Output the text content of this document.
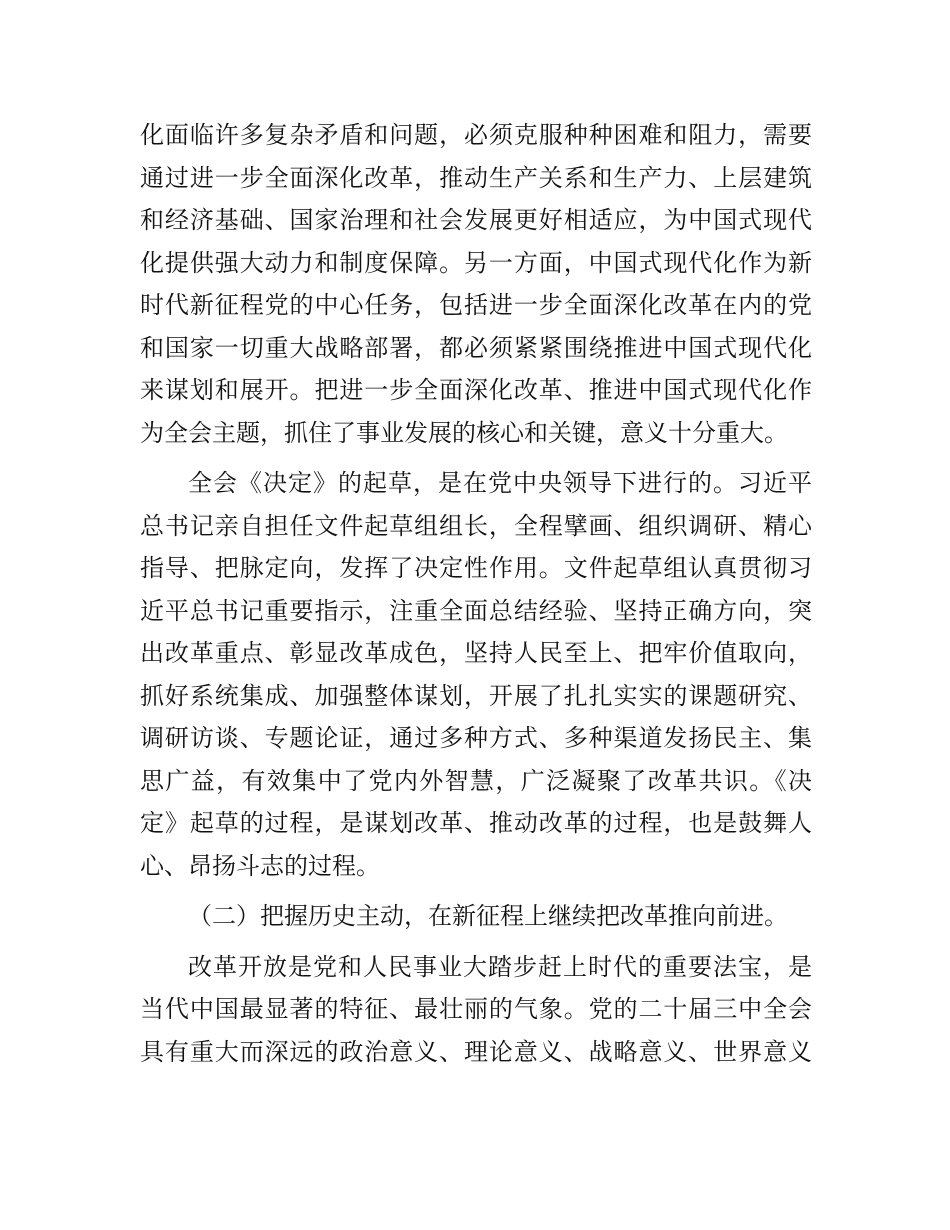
化面临许多复杂矛盾和问题，必须克服种种困难和阻力，需要
通过进一步全面深化改革，推动生产关系和生产力、上层建筑
和经济基础、国家治理和社会发展更好相适应，为中国式现代
化提供强大动力和制度保障。另一方面，中国式现代化作为新
时代新征程党的中心任务，包括进一步全面深化改革在内的党
和国家一切重大战略部署，都必须紧紧围绕推进中国式现代化
来谋划和展开。把进一步全面深化改革、推进中国式现代化作
为全会主题，抓住了事业发展的核心和关键，意义十分重大。
全会《决定》的起草，是在党中央领导下进行的。习近平
总书记亲自担任文件起草组组长，全程擘画、组织调研、精心
指导、把脉定向，发挥了决定性作用。文件起草组认真贯彻习
近平总书记重要指示，注重全面总结经验、坚持正确方向，突
出改革重点、彰显改革成色，坚持人民至上、把牢价值取向，
抓好系统集成、加强整体谋划，开展了扎扎实实的课题研究、
调研访谈、专题论证，通过多种方式、多种渠道发扬民主、集
思广益，有效集中了党内外智慧，广泛凝聚了改革共识。《决
定》起草的过程，是谋划改革、推动改革的过程，也是鼓舞人
心、昂扬斗志的过程。
（二）把握历史主动，在新征程上继续把改革推向前进。
改革开放是党和人民事业大踏步赶上时代的重要法宝，是
当代中国最显著的特征、最壮丽的气象。党的二十届三中全会
具有重大而深远的政治意义、理论意义、战略意义、世界意义
